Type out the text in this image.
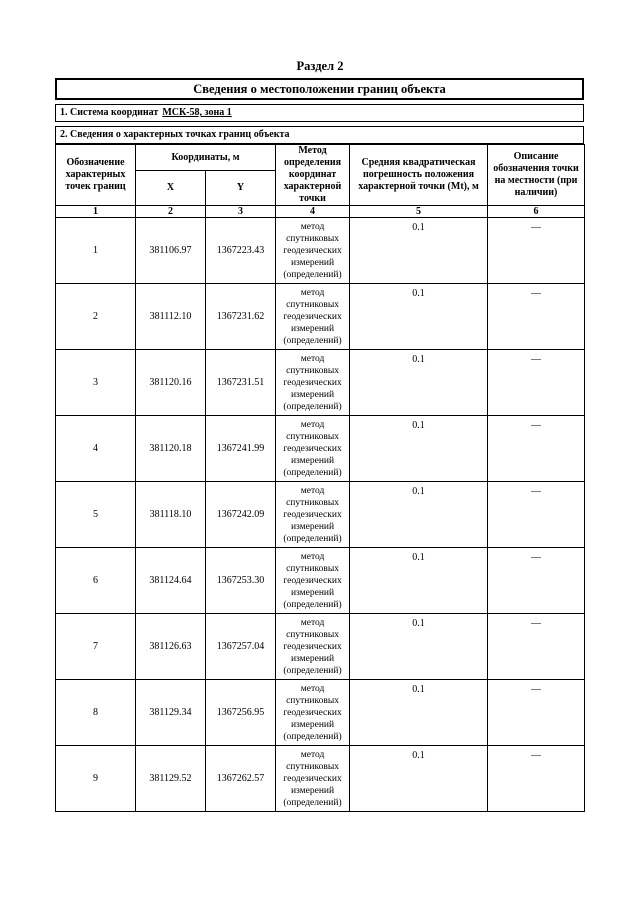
Раздел 2
Сведения о местоположении границ объекта
1. Система координат МСК-58, зона 1
2. Сведения о характерных точках границ объекта
Обозначение характерных точек границ	Координаты, м		Метод определения координат характерной точки	Средняя квадратическая погрешность положения характерной точки (Мt), м	Описание обозначения точки на местности (при наличии)
	X	Y			
1	2	3	4	5	6
1	381106.97	1367223.43	метод спутниковых геодезических измерений (определений)	0.1	—
2	381112.10	1367231.62	метод спутниковых геодезических измерений (определений)	0.1	—
3	381120.16	1367231.51	метод спутниковых геодезических измерений (определений)	0.1	—
4	381120.18	1367241.99	метод спутниковых геодезических измерений (определений)	0.1	—
5	381118.10	1367242.09	метод спутниковых геодезических измерений (определений)	0.1	—
6	381124.64	1367253.30	метод спутниковых геодезических измерений (определений)	0.1	—
7	381126.63	1367257.04	метод спутниковых геодезических измерений (определений)	0.1	—
8	381129.34	1367256.95	метод спутниковых геодезических измерений (определений)	0.1	—
9	381129.52	1367262.57	метод спутниковых геодезических измерений (определений)	0.1	—
